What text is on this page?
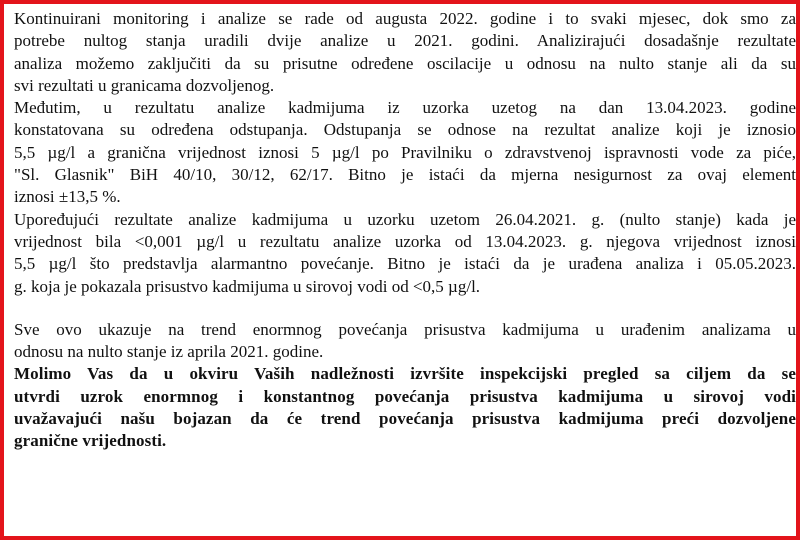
Kontinuirani monitoring i analize se rade od augusta 2022. godine i to svaki mjesec, dok smo za
potrebe nultog stanja uradili dvije analize u 2021. godini. Analizirajući dosadašnje rezultate
analiza možemo zaključiti da su prisutne određene oscilacije u odnosu na nulto stanje ali da su
svi rezultati u granicama dozvoljenog.
Međutim, u rezultatu analize kadmijuma iz uzorka uzetog na dan 13.04.2023. godine
konstatovana su određena odstupanja. Odstupanja se odnose na rezultat analize koji je iznosio
5,5 µg/l a granična vrijednost iznosi 5 µg/l po Pravilniku o zdravstvenoj ispravnosti vode za piće,
"Sl. Glasnik" BiH 40/10, 30/12, 62/17. Bitno je istaći da mjerna nesigurnost za ovaj element
iznosi ±13,5 %.
Upoređujući rezultate analize kadmijuma u uzorku uzetom 26.04.2021. g. (nulto stanje) kada je
vrijednost bila <0,001 µg/l u rezultatu analize uzorka od 13.04.2023. g. njegova vrijednost iznosi
5,5 µg/l što predstavlja alarmantno povećanje. Bitno je istaći da je urađena analiza i 05.05.2023.
g. koja je pokazala prisustvo kadmijuma u sirovoj vodi od <0,5 µg/l.
Sve ovo ukazuje na trend enormnog povećanja prisustva kadmijuma u urađenim analizama u
odnosu na nulto stanje iz aprila 2021. godine.
Molimo Vas da u okviru Vaših nadležnosti izvršite inspekcijski pregled sa ciljem da se
utvrdi uzrok enormnog i konstantnog povećanja prisustva kadmijuma u sirovoj vodi
uvažavajući našu bojazan da će trend povećanja prisustva kadmijuma preći dozvoljene
granične vrijednosti.
